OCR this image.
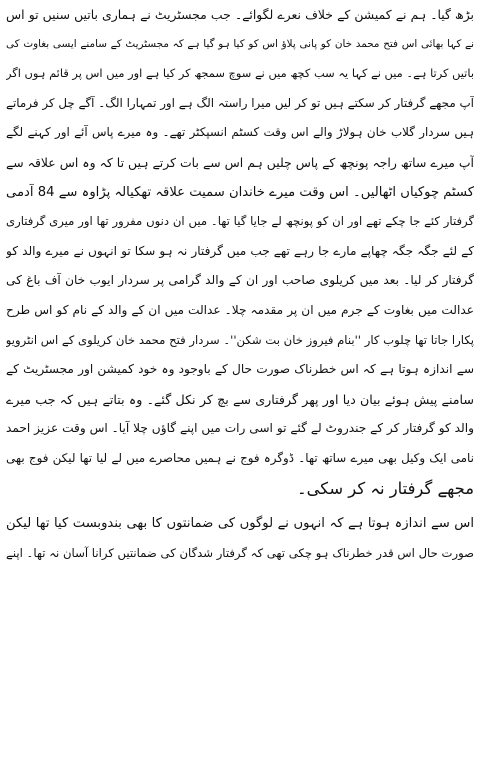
بڑھ گیا۔ ہم نے کمیشن کے خلاف نعرے لگوائے۔ جب مجسٹریٹ نے ہماری باتیں سنیں تو اس
نے کہا بھائی اس فتح محمد خان کو پانی پلاؤ اس کو کیا ہو گیا ہے کہ مجسٹریٹ کے سامنے ایسی بغاوت کی
باتیں کرتا ہے۔ میں نے کہا یہ سب کچھ میں نے سوچ سمجھ کر کیا ہے اور میں اس پر قائم ہوں اگر
آپ مجھے گرفتار کر سکتے ہیں تو کر لیں میرا راستہ الگ ہے اور تمہارا الگ۔ آگے چل کر فرماتے
ہیں سردار گلاب خان ہولاڑ والے اس وقت کسٹم انسپکٹر تھے۔ وہ میرے پاس آئے اور کہنے لگے
آپ میرے ساتھ راجہ پونچھ کے پاس چلیں ہم اس سے بات کرتے ہیں تا کہ وہ اس علاقہ سے
کسٹم چوکیاں اٹھالیں۔ اس وقت میرے خاندان سمیت علاقہ تھکیالہ پڑاوہ سے 84 آدمی
گرفتار کئے جا چکے تھے اور ان کو پونچھ لے جایا گیا تھا۔ میں ان دنوں مفرور تھا اور میری گرفتاری
کے لئے جگہ جگہ چھاپے مارے جا رہے تھے جب میں گرفتار نہ ہو سکا تو انہوں نے میرے والد کو
گرفتار کر لیا۔ بعد میں کریلوی صاحب اور ان کے والد گرامی پر سردار ایوب خان آف باغ کی
عدالت میں بغاوت کے جرم میں ان پر مقدمہ چلا۔ عدالت میں ان کے والد کے نام کو اس طرح
پکارا جاتا تھا چلوب کار ''بنام فیروز خان بت شکن''۔ سردار فتح محمد خان کریلوی کے اس انٹرویو
سے اندازہ ہوتا ہے کہ اس خطرناک صورت حال کے باوجود وہ خود کمیشن اور مجسٹریٹ کے
سامنے پیش ہوئے بیان دیا اور پھر گرفتاری سے بچ کر نکل گئے۔ وہ بتاتے ہیں کہ جب میرے
والد کو گرفتار کر کے جندروٹ لے گئے تو اسی رات میں اپنے گاؤں چلا آیا۔ اس وقت عزیز احمد
نامی ایک وکیل بھی میرے ساتھ تھا۔ ڈوگرہ فوج نے ہمیں محاصرے میں لے لیا تھا لیکن فوج بھی
مجھے گرفتار نہ کر سکی۔
اس سے اندازہ ہوتا ہے کہ انہوں نے لوگوں کی ضمانتوں کا بھی بندوبست کیا تھا لیکن
صورت حال اس قدر خطرناک ہو چکی تھی کہ گرفتار شدگان کی ضمانتیں کرانا آسان نہ تھا۔ اپنے
